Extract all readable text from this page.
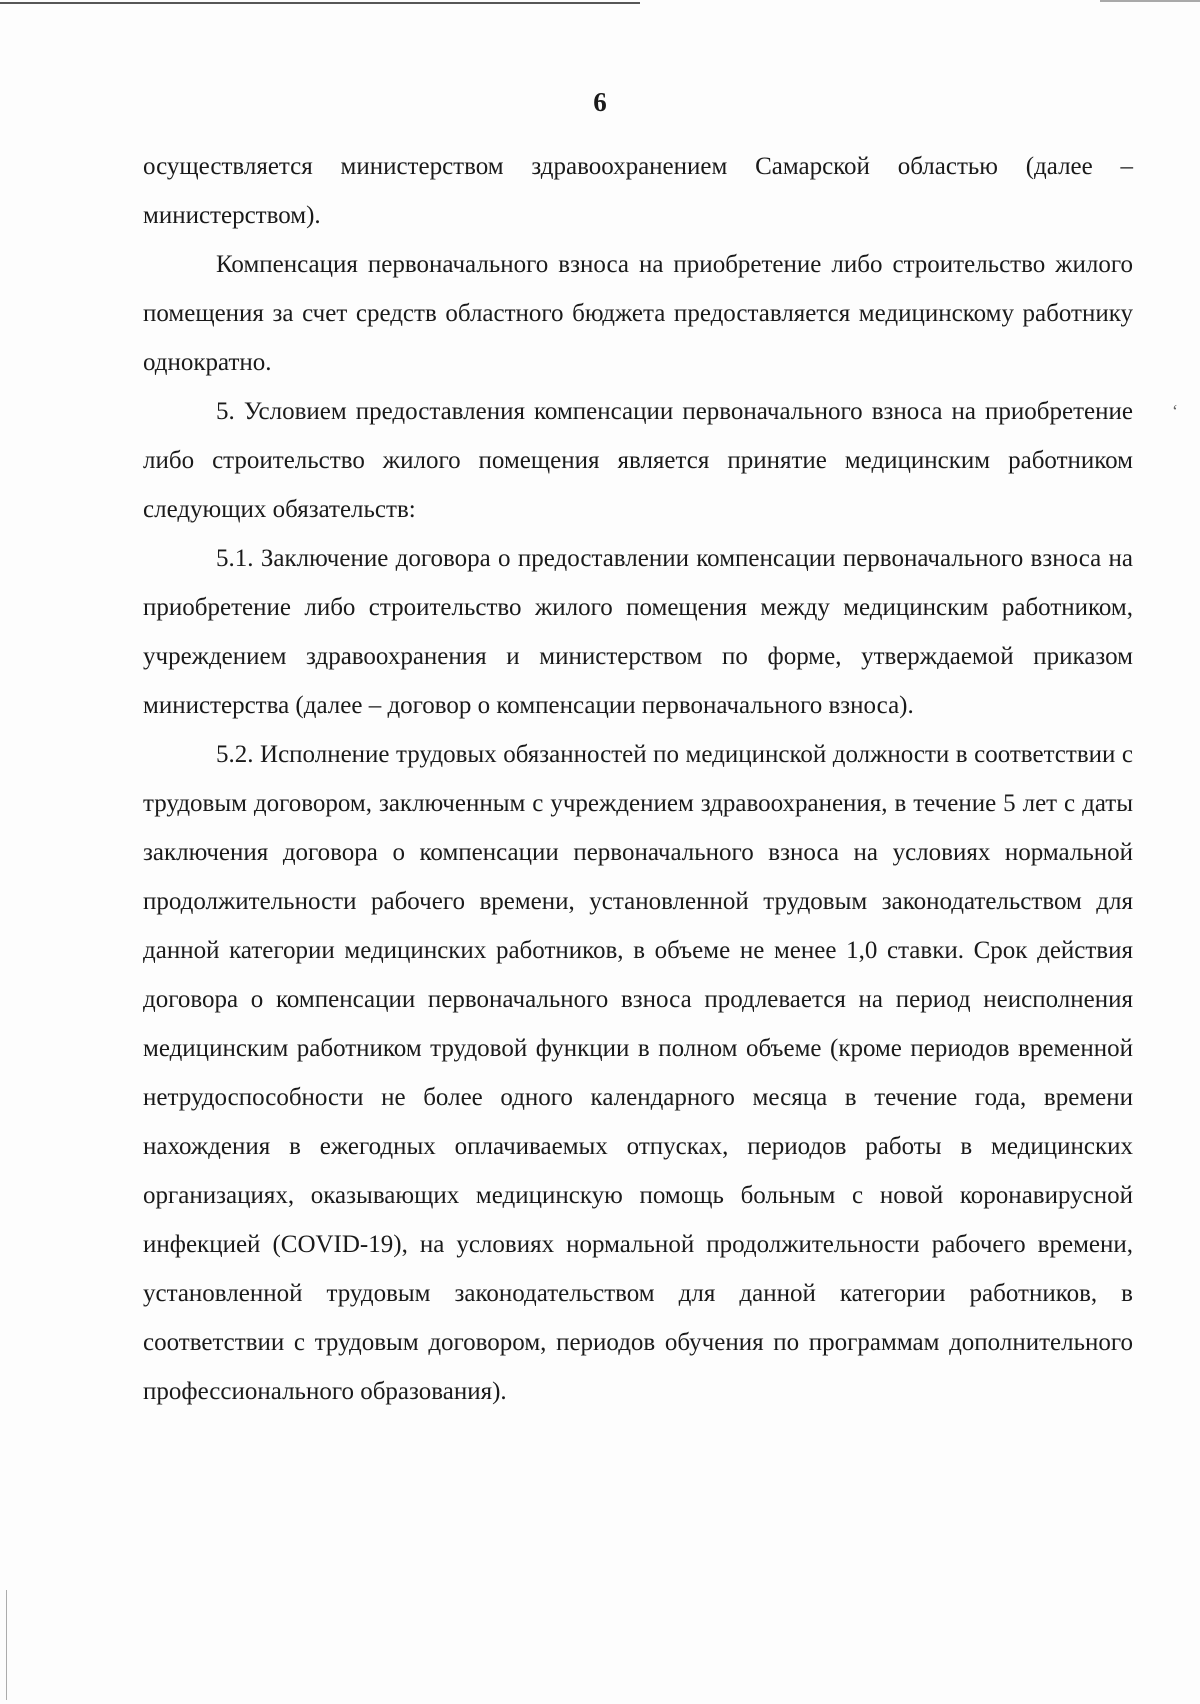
6

осуществляется министерством здравоохранением Самарской областью (далее – министерством).

Компенсация первоначального взноса на приобретение либо строительство жилого помещения за счет средств областного бюджета предоставляется медицинскому работнику однократно.

5. Условием предоставления компенсации первоначального взноса на приобретение либо строительство жилого помещения является принятие медицинским работником следующих обязательств:

5.1. Заключение договора о предоставлении компенсации первоначального взноса на приобретение либо строительство жилого помещения между медицинским работником, учреждением здравоохранения и министерством по форме, утверждаемой приказом министерства (далее – договор о компенсации первоначального взноса).

5.2. Исполнение трудовых обязанностей по медицинской должности в соответствии с трудовым договором, заключенным с учреждением здравоохранения, в течение 5 лет с даты заключения договора о компенсации первоначального взноса на условиях нормальной продолжительности рабочего времени, установленной трудовым законодательством для данной категории медицинских работников, в объеме не менее 1,0 ставки. Срок действия договора о компенсации первоначального взноса продлевается на период неисполнения медицинским работником трудовой функции в полном объеме (кроме периодов временной нетрудоспособности не более одного календарного месяца в течение года, времени нахождения в ежегодных оплачиваемых отпусках, периодов работы в медицинских организациях, оказывающих медицинскую помощь больным с новой коронавирусной инфекцией (COVID-19), на условиях нормальной продолжительности рабочего времени, установленной трудовым законодательством для данной категории работников, в соответствии с трудовым договором, периодов обучения по программам дополнительного профессионального образования).

ʻ
